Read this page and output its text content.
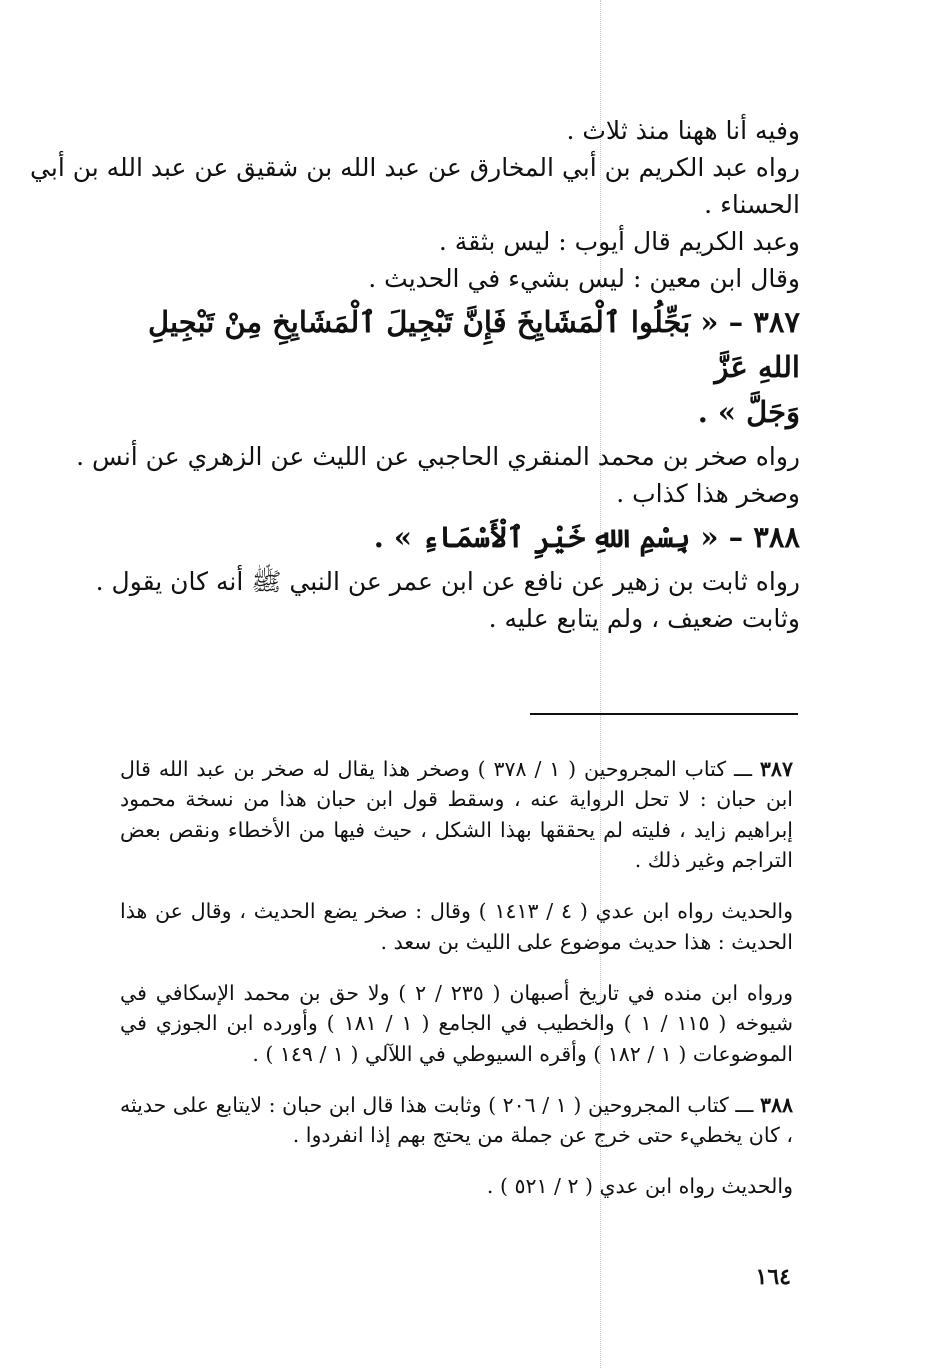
وفيه أنا ههنا منذ ثلاث .
رواه عبد الكريم بن أبي المخارق عن عبد الله بن شقيق عن عبد الله بن أبي
الحسناء .
وعبد الكريم قال أيوب : ليس بثقة .
وقال ابن معين : ليس بشيء في الحديث .
٣٨٧ – « بَجِّلُوا ٱلْمَشَايِخَ فَإِنَّ تَبْجِيلَ ٱلْمَشَايِخِ مِنْ تَبْجِيلِ اللهِ عَزَّ
وَجَلَّ » .
رواه صخر بن محمد المنقري الحاجبي عن الليث عن الزهري عن أنس .
وصخر هذا كذاب .
٣٨٨ – « بِسْمِ اللهِ خَيْرِ ٱلْأَسْمَاءِ » .
رواه ثابت بن زهير عن نافع عن ابن عمر عن النبي ﷺ أنه كان يقول .
وثابت ضعيف ، ولم يتابع عليه .

٣٨٧ ـــ كتاب المجروحين ( ١ / ٣٧٨ ) وصخر هذا يقال له صخر بن عبد الله قال ابن حبان : لا تحل الرواية عنه ، وسقط قول ابن حبان هذا من نسخة محمود إبراهيم زايد ، فليته لم يحققها بهذا الشكل ، حيث فيها من الأخطاء ونقص بعض التراجم وغير ذلك .

والحديث رواه ابن عدي ( ٤ / ١٤١٣ ) وقال : صخر يضع الحديث ، وقال عن هذا الحديث : هذا حديث موضوع على الليث بن سعد .

ورواه ابن منده في تاريخ أصبهان ( ٢٣٥ / ٢ ) ولا حق بن محمد الإسكافي في شيوخه ( ١١٥ / ١ ) والخطيب في الجامع ( ١ / ١٨١ ) وأورده ابن الجوزي في الموضوعات ( ١ / ١٨٢ ) وأقره السيوطي في اللآلي ( ١ / ١٤٩ ) .

٣٨٨ ـــ كتاب المجروحين ( ١ / ٢٠٦ ) وثابت هذا قال ابن حبان : لايتابع على حديثه ، كان يخطيء حتى خرج عن جملة من يحتج بهم إذا انفردوا .

والحديث رواه ابن عدي ( ٢ / ٥٢١ ) .

١٦٤
